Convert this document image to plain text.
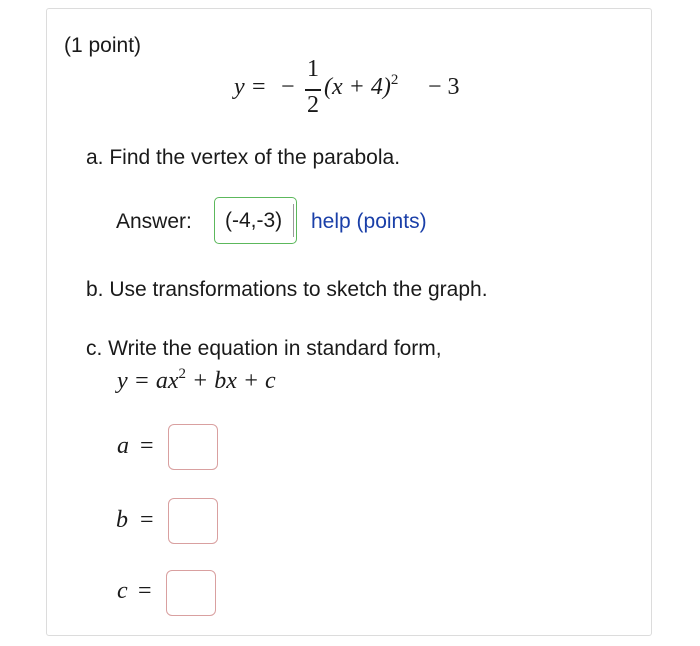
(1 point)
y = −
1
2
$(x + 4)^2 - 3$
a. Find the vertex of the parabola.
Answer:
(-4,-3)	help (points)
b. Use transformations to sketch the graph.
c. Write the equation in standard form,
$y = ax^2$ + bx + c
a =
b =
c =
